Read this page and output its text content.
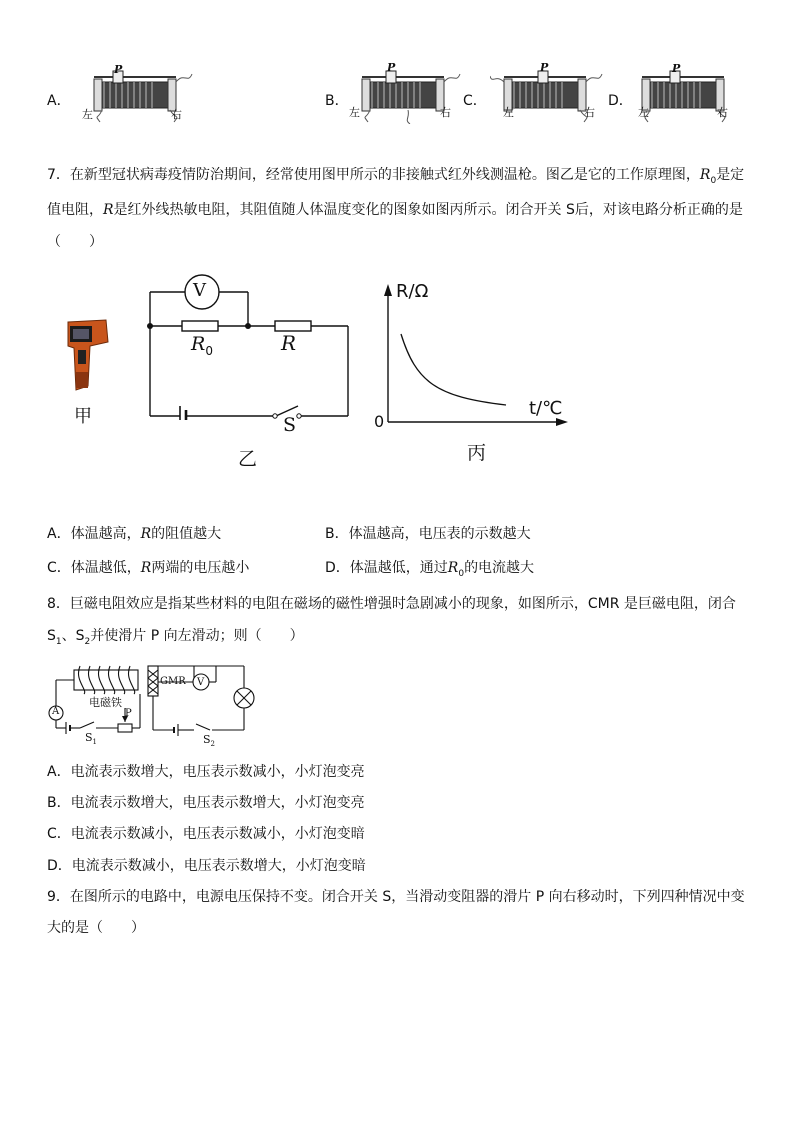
A．
P
左	右
B．
P
左	右
C．
P
左	右
D．
P
左	右
7．在新型冠状病毒疫情防治期间，经常使用图甲所示的非接触式红外线测温枪。图乙是它的工作原理图，$R_0$是定
值电阻，R是红外线热敏电阻，其阻值随人体温度变化的图象如图丙所示。闭合开关 S后，对该电路分析正确的是
（　　）
甲
V
$R_0$	R
S
乙
R/Ω
t/℃
0
丙
A．体温越高，R的阻值越大	B．体温越高，电压表的示数越大
C．体温越低，R两端的电压越小	D．体温越低，通过$R_0$的电流越大
8．巨磁电阻效应是指某些材料的电阻在磁场的磁性增强时急剧减小的现象，如图所示，CMR 是巨磁电阻，闭合
$S_1$、$S_2$并使滑片 P 向左滑动；则（　　）
GMR V
A
电磁铁
P
$S_1$	$S_2$
A．电流表示数增大，电压表示数减小，小灯泡变亮
B．电流表示数增大，电压表示数增大，小灯泡变亮
C．电流表示数减小，电压表示数减小，小灯泡变暗
D．电流表示数减小，电压表示数增大，小灯泡变暗
9．在图所示的电路中，电源电压保持不变。闭合开关 S，当滑动变阻器的滑片 P 向右移动时，下列四种情况中变
大的是（　　）
